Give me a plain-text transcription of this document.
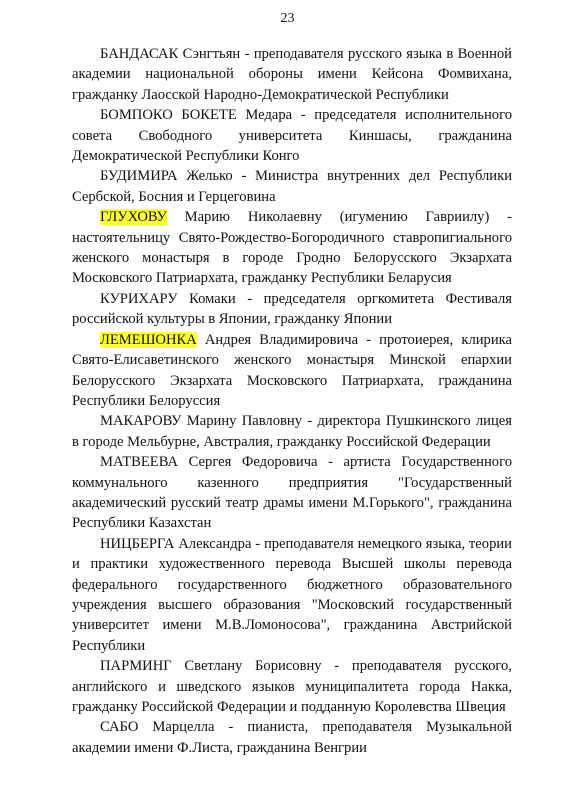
23

БАНДАСАК Сэнгтьян - преподавателя русского языка в Военной академии национальной обороны имени Кейсона Фомвихана, гражданку Лаосской Народно-Демократической Республики

БОМПОКО БОКЕТЕ Медара - председателя исполнительного совета Свободного университета Киншасы, гражданина Демократической Республики Конго

БУДИМИРА Желько - Министра внутренних дел Республики Сербской, Босния и Герцеговина

ГЛУХОВУ Марию Николаевну (игумению Гавриилу) - настоятельницу Свято-Рождество-Богородичного ставропигиального женского монастыря в городе Гродно Белорусского Экзархата Московского Патриархата, гражданку Республики Беларусия

КУРИХАРУ Комаки - председателя оргкомитета Фестиваля российской культуры в Японии, гражданку Японии

ЛЕМЕШОНКА Андрея Владимировича - протоиерея, клирика Свято-Елисаветинского женского монастыря Минской епархии Белорусского Экзархата Московского Патриархата, гражданина Республики Белоруссия

МАКАРОВУ Марину Павловну - директора Пушкинского лицея в городе Мельбурне, Австралия, гражданку Российской Федерации

МАТВЕЕВА Сергея Федоровича - артиста Государственного коммунального казенного предприятия "Государственный академический русский театр драмы имени М.Горького", гражданина Республики Казахстан

НИЦБЕРГА Александра - преподавателя немецкого языка, теории и практики художественного перевода Высшей школы перевода федерального государственного бюджетного образовательного учреждения высшего образования "Московский государственный университет имени М.В.Ломоносова", гражданина Австрийской Республики

ПАРМИНГ Светлану Борисовну - преподавателя русского, английского и шведского языков муниципалитета города Накка, гражданку Российской Федерации и подданную Королевства Швеция

САБО Марцелла - пианиста, преподавателя Музыкальной академии имени Ф.Листа, гражданина Венгрии
